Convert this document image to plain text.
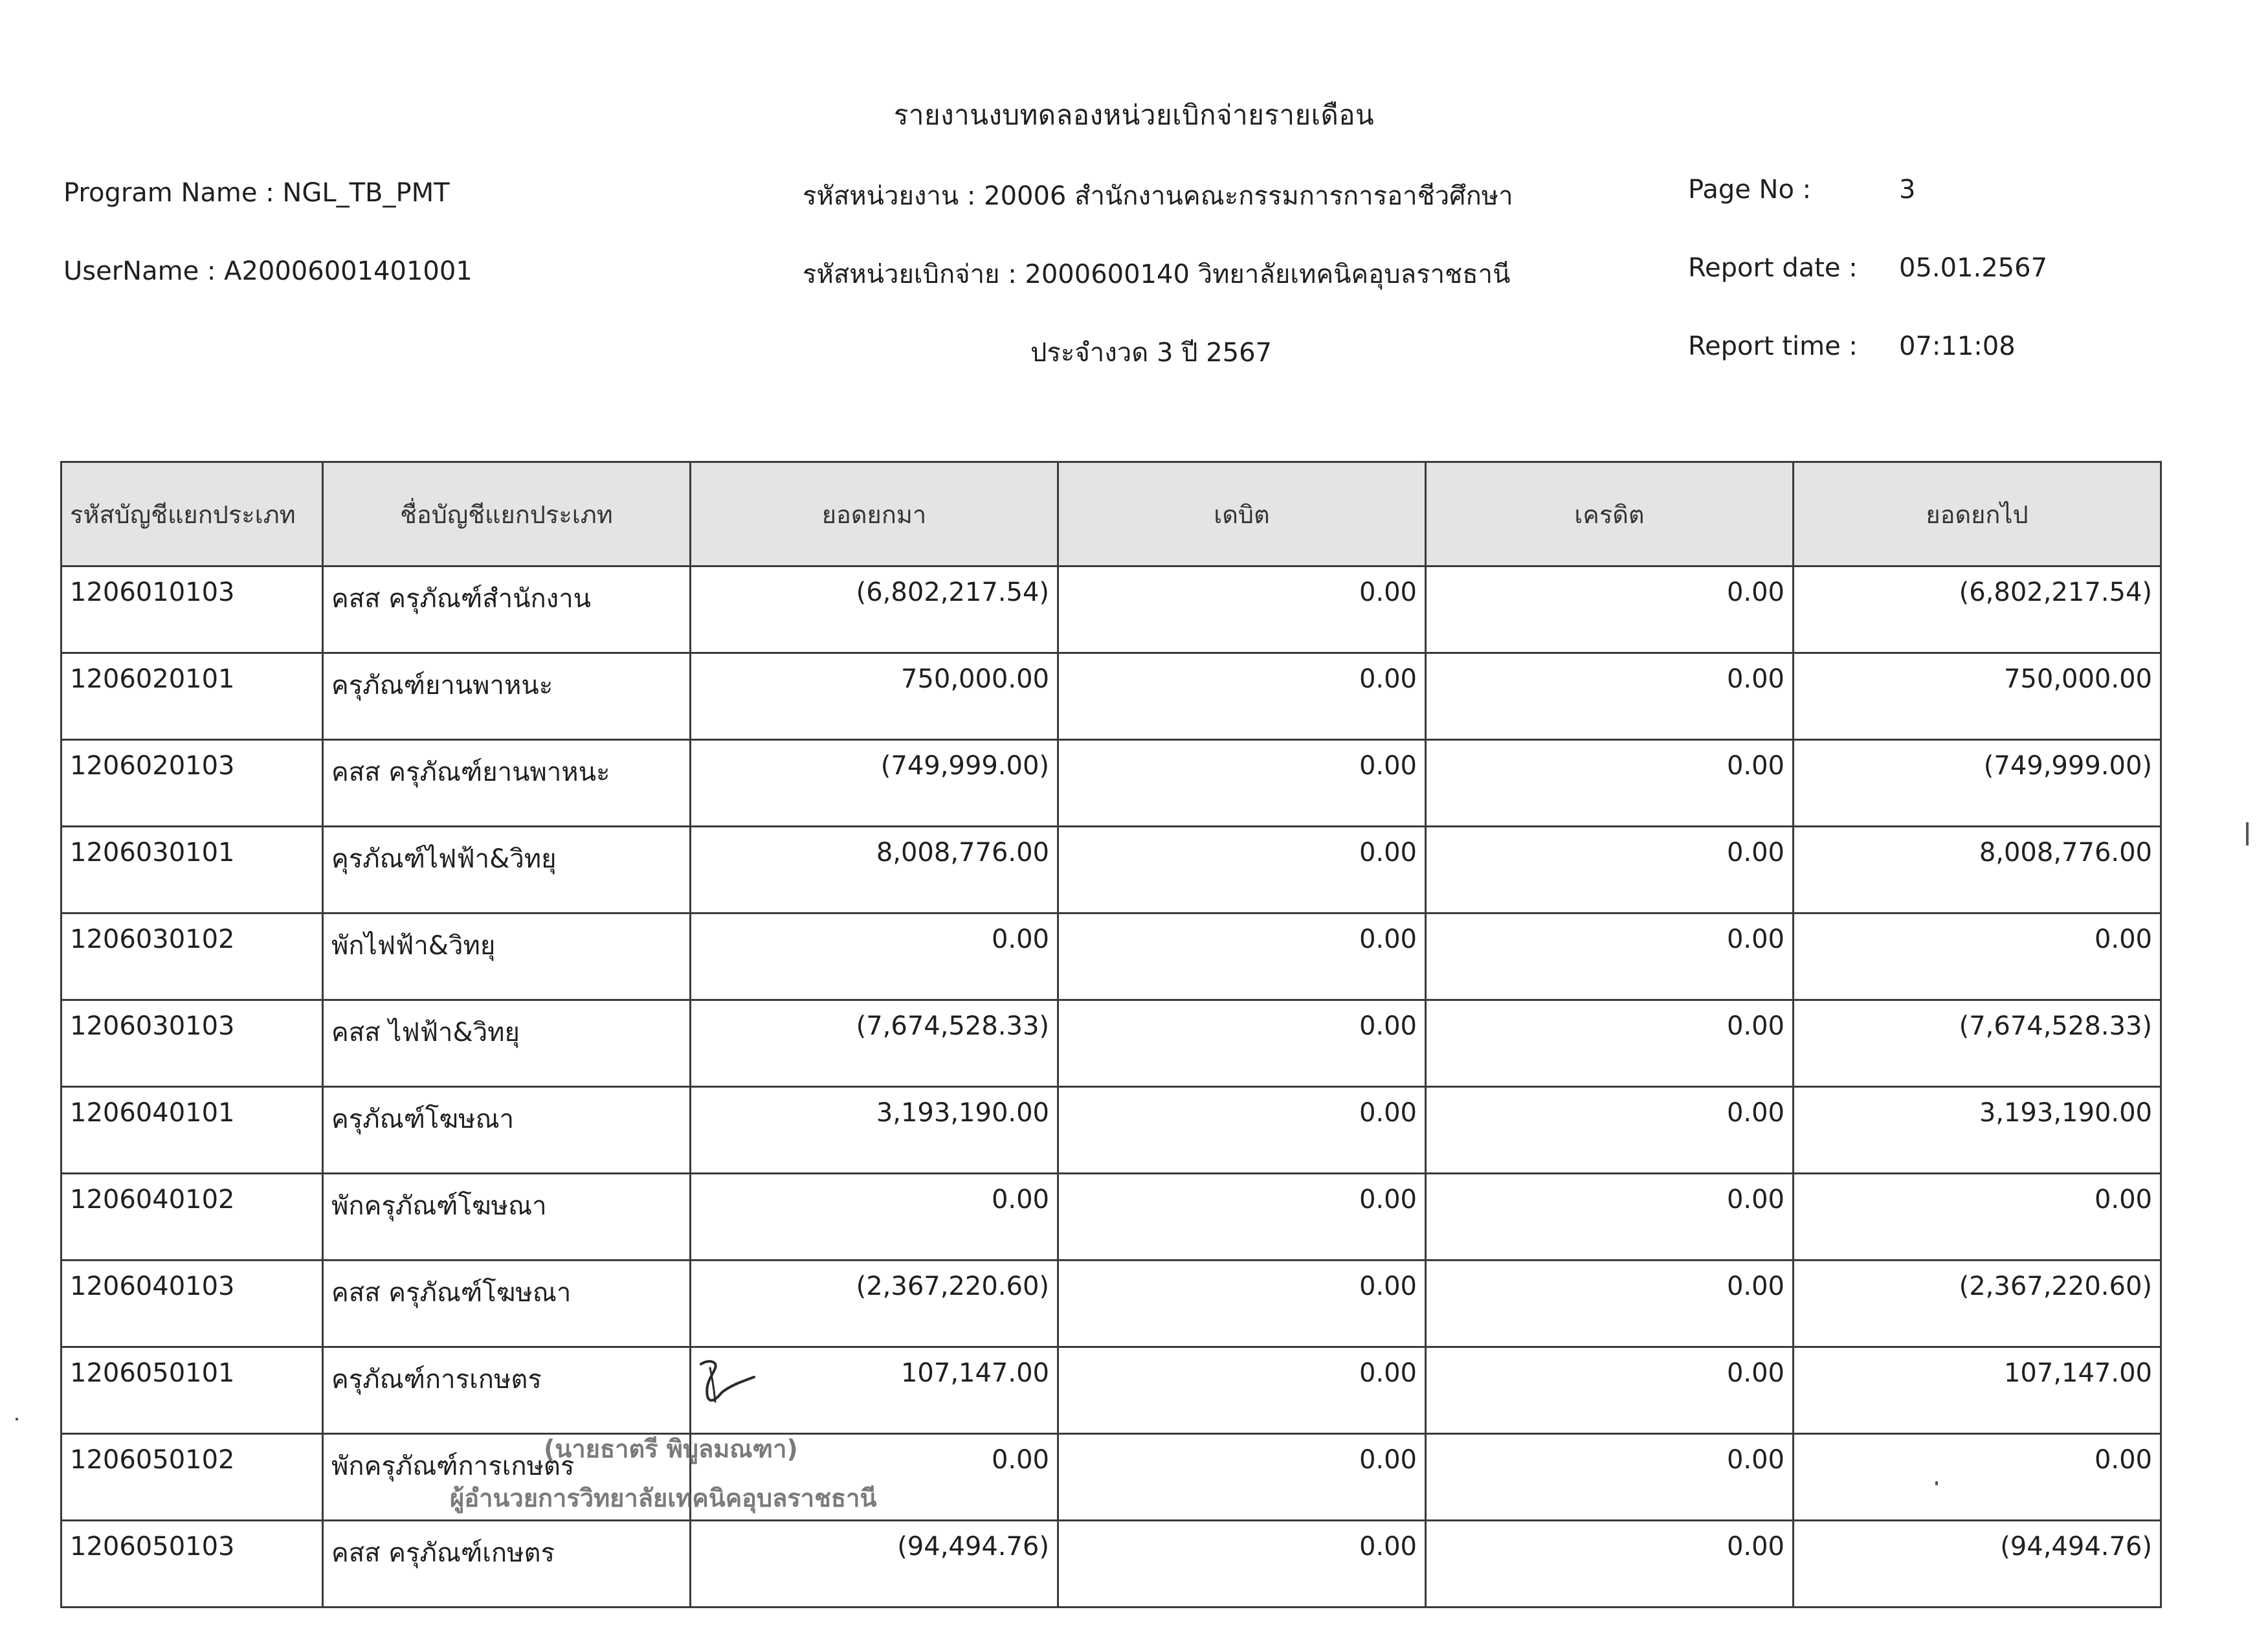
รายงานงบทดลองหน่วยเบิกจ่ายรายเดือน
Program Name : NGL_TB_PMT
UserName : A20006001401001
รหัสหน่วยงาน : 20006 สำนักงานคณะกรรมการการอาชีวศึกษา
รหัสหน่วยเบิกจ่าย : 2000600140 วิทยาลัยเทคนิคอุบลราชธานี
ประจำงวด 3 ปี 2567
Page No :	3
Report date : 05.01.2567
Report time : 07:11:08
รหัสบัญชีแยกประเภท	ชื่อบัญชีแยกประเภท	ยอดยกมา	เดบิต	เครดิต	ยอดยกไป
1206010103	คสส ครุภัณฑ์สำนักงาน	(6,802,217.54)	0.00	0.00	(6,802,217.54)
1206020101	ครุภัณฑ์ยานพาหนะ	750,000.00	0.00	0.00	750,000.00
1206020103	คสส ครุภัณฑ์ยานพาหนะ	(749,999.00)	0.00	0.00	(749,999.00)
1206030101	คุรภัณฑ์ไฟฟ้า&วิทยุ	8,008,776.00	0.00	0.00	8,008,776.00
1206030102	พักไฟฟ้า&วิทยุ	0.00	0.00	0.00	0.00
1206030103	คสส ไฟฟ้า&วิทยุ	(7,674,528.33)	0.00	0.00	(7,674,528.33)
1206040101	ครุภัณฑ์โฆษณา	3,193,190.00	0.00	0.00	3,193,190.00
1206040102	พักครุภัณฑ์โฆษณา	0.00	0.00	0.00	0.00
1206040103	คสส ครุภัณฑ์โฆษณา	(2,367,220.60)	0.00	0.00	(2,367,220.60)
1206050101	ครุภัณฑ์การเกษตร	107,147.00	0.00	0.00	107,147.00
1206050102	พักครุภัณฑ์การเกษตร	0.00	0.00	0.00	0.00
1206050103	คสส ครุภัณฑ์เกษตร	(94,494.76)	0.00	0.00	(94,494.76)
(นายธาตรี พิบูลมณฑา)
ผู้อำนวยการวิทยาลัยเทคนิคอุบลราชธานี
